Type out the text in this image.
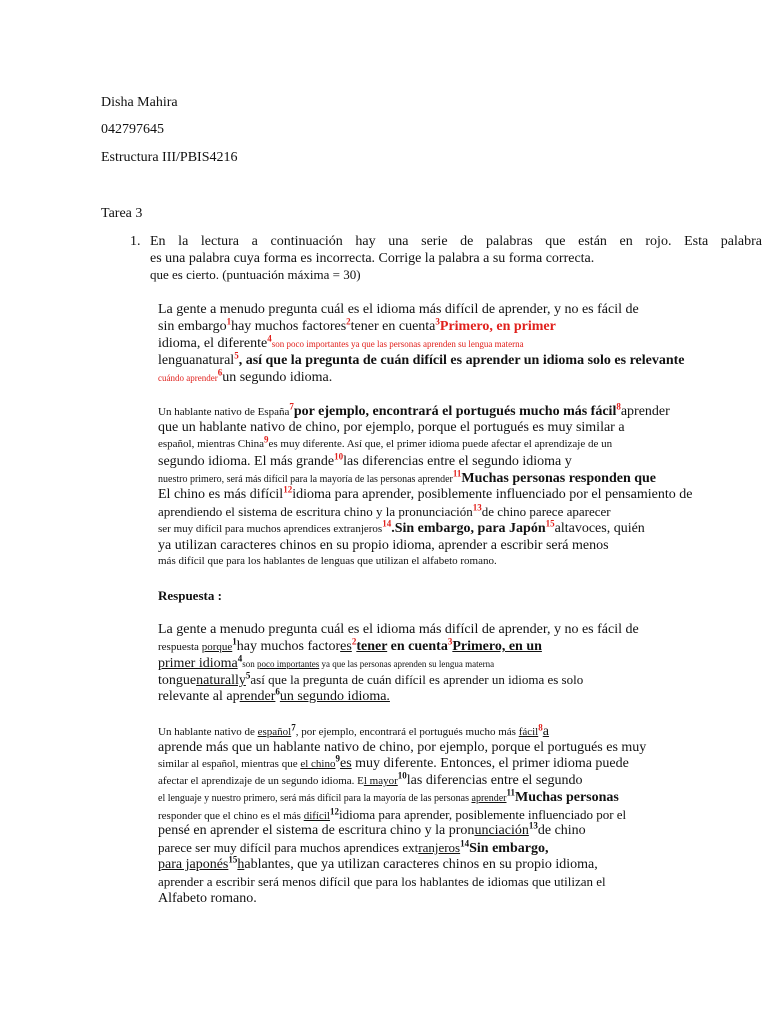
Disha Mahira
042797645
Estructura III/PBIS4216
Tarea 3
1. En la lectura a continuación hay una serie de palabras que están en rojo. Esta palabra
es una palabra cuya forma es incorrecta. Corrige la palabra a su forma correcta.
que es cierto. (puntuación máxima = 30)
La gente a menudo pregunta cuál es el idioma más difícil de aprender, y no es fácil de
sin embargo$^1$hay muchos factores$^2$tener en cuenta$^3$Primero, en primer
idioma, el diferente$^4$son poco importantes ya que las personas aprenden su lengua materna
lenguanatural$^5$, así que la pregunta de cuán difícil es aprender un idioma solo es relevante
cuándo aprender$^6$un segundo idioma.
Un hablante nativo de España$^7$por ejemplo, encontrará el portugués mucho más fácil$^8$aprender
que un hablante nativo de chino, por ejemplo, porque el portugués es muy similar a
español, mientras China$^9$es muy diferente. Así que, el primer idioma puede afectar el aprendizaje de un
segundo idioma. El más grande$^{10}$las diferencias entre el segundo idioma y
nuestro primero, será más difícil para la mayoría de las personas aprender$^{11}$Muchas personas responden que
El chino es más difícil$^{12}$idioma para aprender, posiblemente influenciado por el pensamiento de
aprendiendo el sistema de escritura chino y la pronunciación$^{13}$de chino parece aparecer
ser muy difícil para muchos aprendices extranjeros$^{14}$.Sin embargo, para Japón$^{15}$altavoces, quién
ya utilizan caracteres chinos en su propio idioma, aprender a escribir será menos
más difícil que para los hablantes de lenguas que utilizan el alfabeto romano.
Respuesta :
La gente a menudo pregunta cuál es el idioma más difícil de aprender, y no es fácil de
respuesta porque$^1$hay muchos factores$^2$tener en cuenta$^3$Primero, en un
primer idioma$^4$son poco importantes ya que las personas aprenden su lengua materna
tonguenaturally$^5$así que la pregunta de cuán difícil es aprender un idioma es solo
relevante al aprender$^6$un segundo idioma.
Un hablante nativo de español$^7$, por ejemplo, encontrará el portugués mucho más fácil$^8$a
aprende más que un hablante nativo de chino, por ejemplo, porque el portugués es muy
similar al español, mientras que el chino$^9$es muy diferente. Entonces, el primer idioma puede
afectar el aprendizaje de un segundo idioma. El mayor$^{10}$las diferencias entre el segundo
el lenguaje y nuestro primero, será más difícil para la mayoría de las personas aprender$^{11}$Muchas personas
responder que el chino es el más difícil$^{12}$idioma para aprender, posiblemente influenciado por el
pensé en aprender el sistema de escritura chino y la pronunciación$^{13}$de chino
parece ser muy difícil para muchos aprendices extranjeros$^{14}$Sin embargo,
para japonés$^{15}$hablantes, que ya utilizan caracteres chinos en su propio idioma,
aprender a escribir será menos difícil que para los hablantes de idiomas que utilizan el
Alfabeto romano.
